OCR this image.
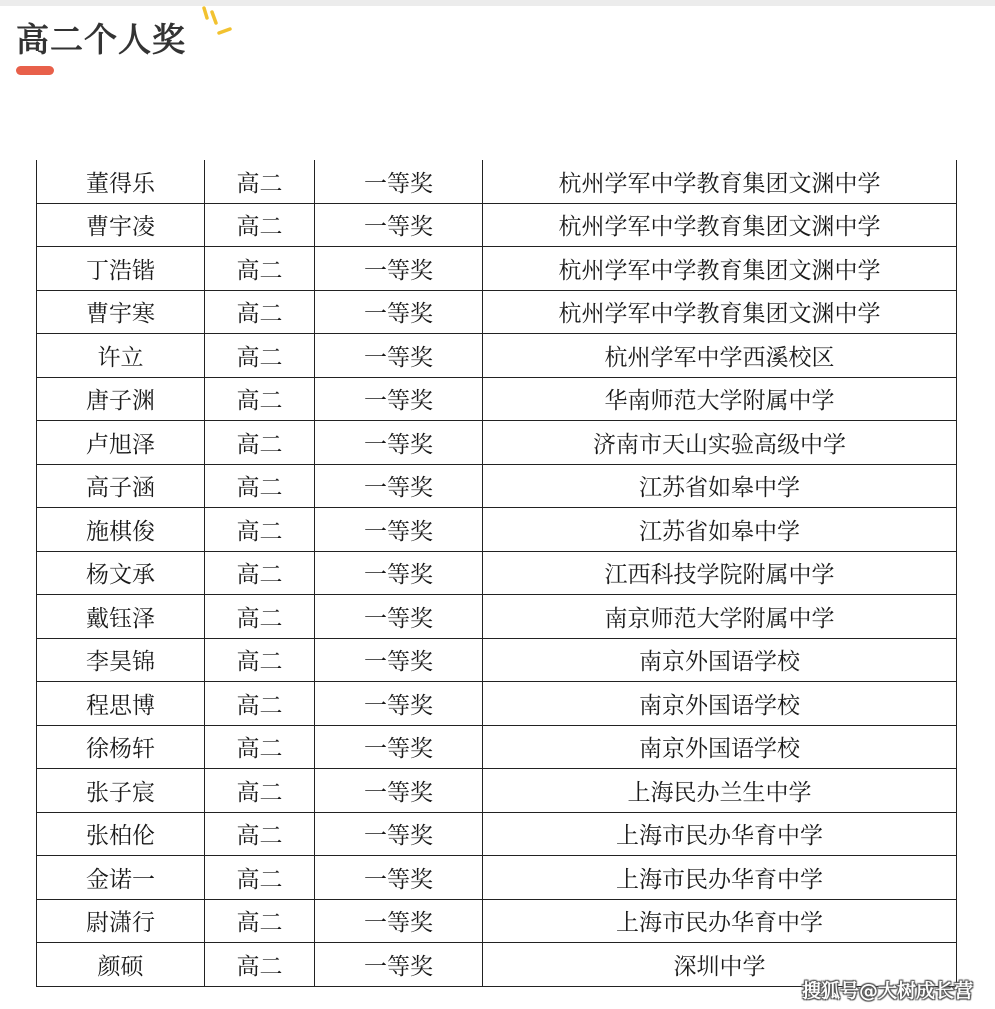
高二个人奖
董得乐	高二	一等奖	杭州学军中学教育集团文渊中学
曹宇凌	高二	一等奖	杭州学军中学教育集团文渊中学
丁浩锴	高二	一等奖	杭州学军中学教育集团文渊中学
曹宇寒	高二	一等奖	杭州学军中学教育集团文渊中学
许立	高二	一等奖	杭州学军中学西溪校区
唐子渊	高二	一等奖	华南师范大学附属中学
卢旭泽	高二	一等奖	济南市天山实验高级中学
高子涵	高二	一等奖	江苏省如皋中学
施棋俊	高二	一等奖	江苏省如皋中学
杨文承	高二	一等奖	江西科技学院附属中学
戴钰泽	高二	一等奖	南京师范大学附属中学
李昊锦	高二	一等奖	南京外国语学校
程思博	高二	一等奖	南京外国语学校
徐杨轩	高二	一等奖	南京外国语学校
张子宸	高二	一等奖	上海民办兰生中学
张柏伦	高二	一等奖	上海市民办华育中学
金诺一	高二	一等奖	上海市民办华育中学
尉潇行	高二	一等奖	上海市民办华育中学
颜硕	高二	一等奖	深圳中学
搜狐号@大树成长营
